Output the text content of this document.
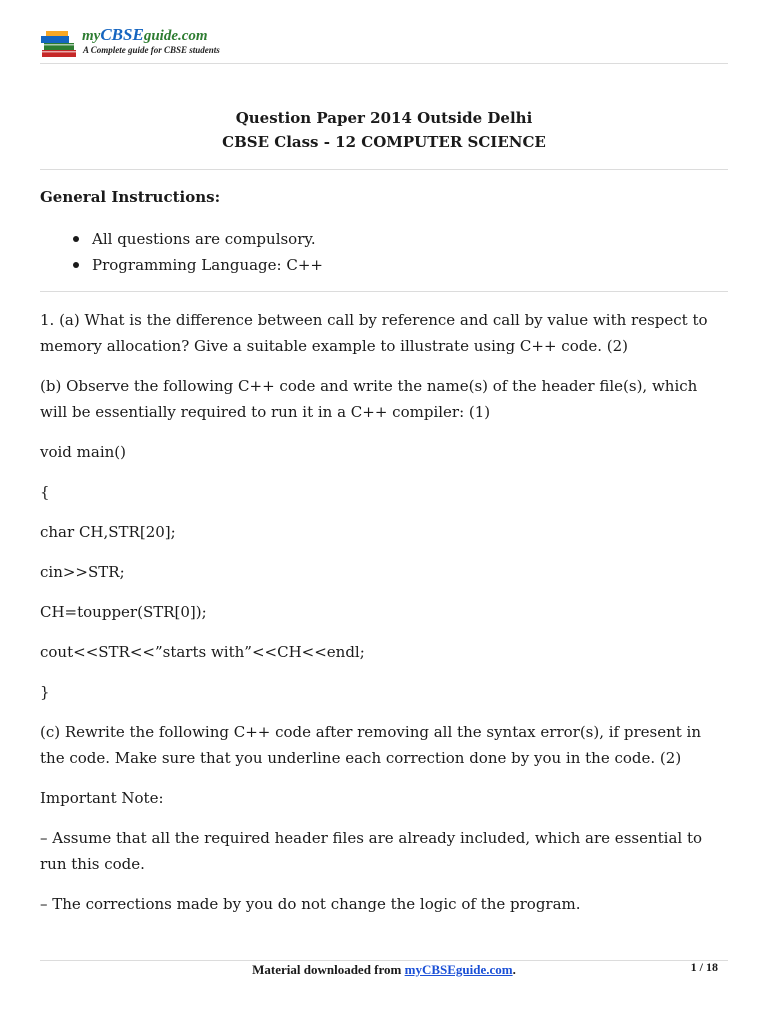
myCBSEguide.com
A Complete guide for CBSE students
Question Paper 2014 Outside Delhi
CBSE Class - 12 COMPUTER SCIENCE
General Instructions:
All questions are compulsory.
Programming Language: C++

1. (a) What is the difference between call by reference and call by value with respect to memory allocation? Give a suitable example to illustrate using C++ code. (2)

(b) Observe the following C++ code and write the name(s) of the header file(s), which will be essentially required to run it in a C++ compiler: (1)

void main()

{

char CH,STR[20];

cin>>STR;

CH=toupper(STR[0]);

cout<<STR<<”starts with”<<CH<<endl;

}

(c) Rewrite the following C++ code after removing all the syntax error(s), if present in the code. Make sure that you underline each correction done by you in the code. (2)

Important Note:

– Assume that all the required header files are already included, which are essential to run this code.

– The corrections made by you do not change the logic of the program.

Material downloaded from myCBSEguide.com.	1 / 18
